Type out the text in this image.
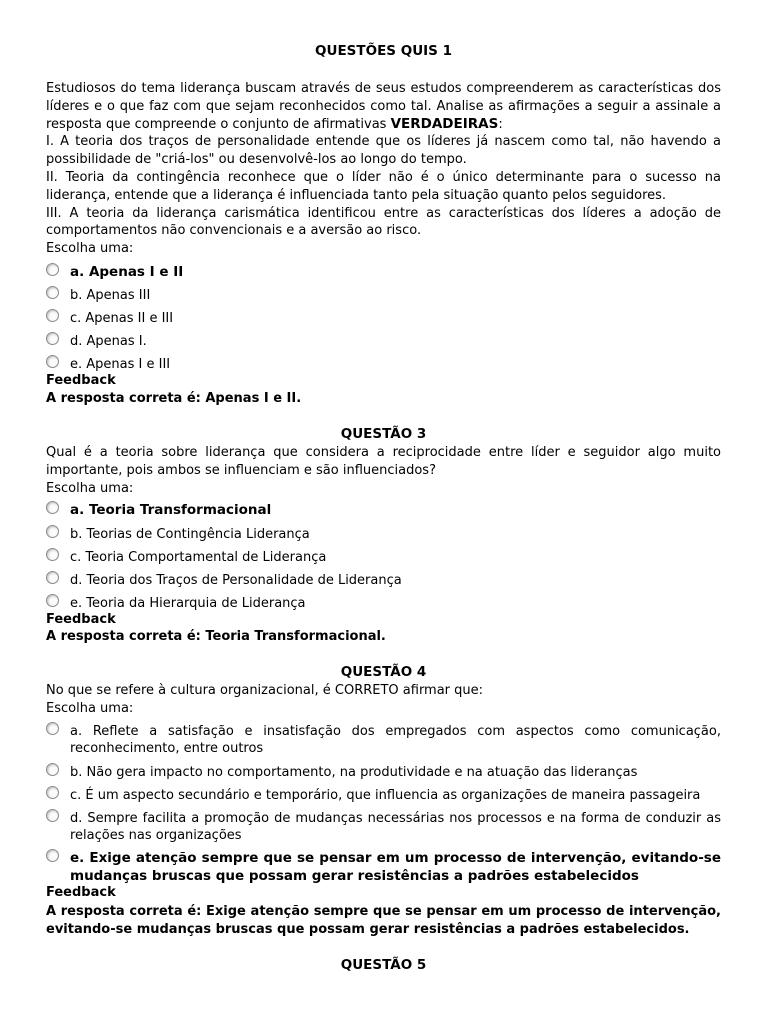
QUESTÕES QUIS 1

Estudiosos do tema liderança buscam através de seus estudos compreenderem as características dos líderes e o que faz com que sejam reconhecidos como tal. Analise as afirmações a seguir a assinale a resposta que compreende o conjunto de afirmativas VERDADEIRAS:

I. A teoria dos traços de personalidade entende que os líderes já nascem como tal, não havendo a possibilidade de "criá-los" ou desenvolvê-los ao longo do tempo.

II. Teoria da contingência reconhece que o líder não é o único determinante para o sucesso na liderança, entende que a liderança é influenciada tanto pela situação quanto pelos seguidores.

III. A teoria da liderança carismática identificou entre as características dos líderes a adoção de comportamentos não convencionais e a aversão ao risco.

Escolha uma:

a. Apenas I e II

b. Apenas III

c. Apenas II e III

d. Apenas I.

e. Apenas I e III

Feedback

A resposta correta é: Apenas I e II.

QUESTÃO 3

Qual é a teoria sobre liderança que considera a reciprocidade entre líder e seguidor algo muito importante, pois ambos se influenciam e são influenciados?

Escolha uma:

a. Teoria Transformacional

b. Teorias de Contingência Liderança

c. Teoria Comportamental de Liderança

d. Teoria dos Traços de Personalidade de Liderança

e. Teoria da Hierarquia de Liderança

Feedback

A resposta correta é: Teoria Transformacional.

QUESTÃO 4

No que se refere à cultura organizacional, é CORRETO afirmar que:

Escolha uma:

a. Reflete a satisfação e insatisfação dos empregados com aspectos como comunicação, reconhecimento, entre outros

b. Não gera impacto no comportamento, na produtividade e na atuação das lideranças

c. É um aspecto secundário e temporário, que influencia as organizações de maneira passageira

d. Sempre facilita a promoção de mudanças necessárias nos processos e na forma de conduzir as relações nas organizações

e. Exige atenção sempre que se pensar em um processo de intervenção, evitando-se mudanças bruscas que possam gerar resistências a padrões estabelecidos

Feedback

A resposta correta é: Exige atenção sempre que se pensar em um processo de intervenção, evitando-se mudanças bruscas que possam gerar resistências a padrões estabelecidos.

QUESTÃO 5
